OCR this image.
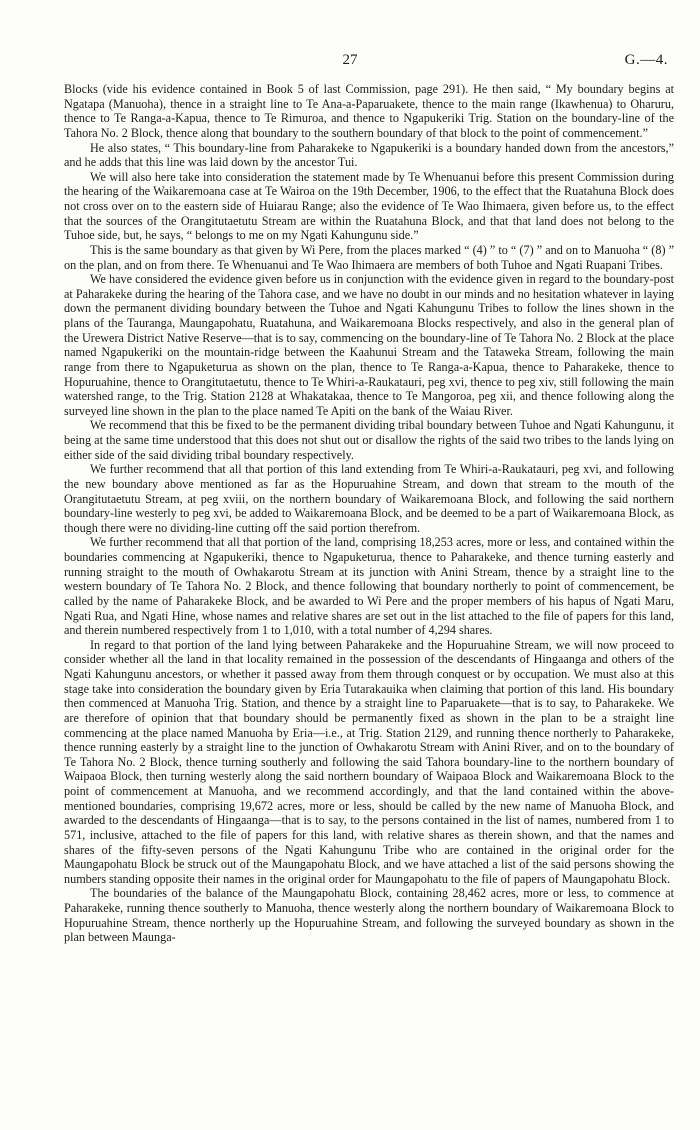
27	G.—4.

Blocks (vide his evidence contained in Book 5 of last Commission, page 291). He then said, “ My boundary begins at Ngatapa (Manuoha), thence in a straight line to Te Ana-a-Paparuakete, thence to the main range (Ikawhenua) to Oharuru, thence to Te Ranga-a-Kapua, thence to Te Rimuroa, and thence to Ngapukeriki Trig. Station on the boundary-line of the Tahora No. 2 Block, thence along that boundary to the southern boundary of that block to the point of commencement.”

He also states, “ This boundary-line from Paharakeke to Ngapukeriki is a boundary handed down from the ancestors,” and he adds that this line was laid down by the ancestor Tui.

We will also here take into consideration the statement made by Te Whenuanui before this present Commission during the hearing of the Waikaremoana case at Te Wairoa on the 19th December, 1906, to the effect that the Ruatahuna Block does not cross over on to the eastern side of Huiarau Range; also the evidence of Te Wao Ihimaera, given before us, to the effect that the sources of the Orangitutaetutu Stream are within the Ruatahuna Block, and that that land does not belong to the Tuhoe side, but, he says, “ belongs to me on my Ngati Kahungunu side.”

This is the same boundary as that given by Wi Pere, from the places marked “ (4) ” to “ (7) ” and on to Manuoha “ (8) ” on the plan, and on from there. Te Whenuanui and Te Wao Ihimaera are members of both Tuhoe and Ngati Ruapani Tribes.

We have considered the evidence given before us in conjunction with the evidence given in regard to the boundary-post at Paharakeke during the hearing of the Tahora case, and we have no doubt in our minds and no hesitation whatever in laying down the permanent dividing boundary between the Tuhoe and Ngati Kahungunu Tribes to follow the lines shown in the plans of the Tauranga, Maungapohatu, Ruatahuna, and Waikaremoana Blocks respectively, and also in the general plan of the Urewera District Native Reserve—that is to say, commencing on the boundary-line of Te Tahora No. 2 Block at the place named Ngapukeriki on the mountain-ridge between the Kaahunui Stream and the Tataweka Stream, following the main range from there to Ngapuketurua as shown on the plan, thence to Te Ranga-a-Kapua, thence to Paharakeke, thence to Hopuruahine, thence to Orangitutaetutu, thence to Te Whiri-a-Raukatauri, peg xvi, thence to peg xiv, still following the main watershed range, to the Trig. Station 2128 at Whakatakaa, thence to Te Mangoroa, peg xii, and thence following along the surveyed line shown in the plan to the place named Te Apiti on the bank of the Waiau River.

We recommend that this be fixed to be the permanent dividing tribal boundary between Tuhoe and Ngati Kahungunu, it being at the same time understood that this does not shut out or disallow the rights of the said two tribes to the lands lying on either side of the said dividing tribal boundary respectively.

We further recommend that all that portion of this land extending from Te Whiri-a-Raukatauri, peg xvi, and following the new boundary above mentioned as far as the Hopuruahine Stream, and down that stream to the mouth of the Orangitutaetutu Stream, at peg xviii, on the northern boundary of Waikaremoana Block, and following the said northern boundary-line westerly to peg xvi, be added to Waikaremoana Block, and be deemed to be a part of Waikaremoana Block, as though there were no dividing-line cutting off the said portion therefrom.

We further recommend that all that portion of the land, comprising 18,253 acres, more or less, and contained within the boundaries commencing at Ngapukeriki, thence to Ngapuketurua, thence to Paharakeke, and thence turning easterly and running straight to the mouth of Owhakarotu Stream at its junction with Anini Stream, thence by a straight line to the western boundary of Te Tahora No. 2 Block, and thence following that boundary northerly to point of commencement, be called by the name of Paharakeke Block, and be awarded to Wi Pere and the proper members of his hapus of Ngati Maru, Ngati Rua, and Ngati Hine, whose names and relative shares are set out in the list attached to the file of papers for this land, and therein numbered respectively from 1 to 1,010, with a total number of 4,294 shares.

In regard to that portion of the land lying between Paharakeke and the Hopuruahine Stream, we will now proceed to consider whether all the land in that locality remained in the possession of the descendants of Hingaanga and others of the Ngati Kahungunu ancestors, or whether it passed away from them through conquest or by occupation. We must also at this stage take into consideration the boundary given by Eria Tutarakauika when claiming that portion of this land. His boundary then commenced at Manuoha Trig. Station, and thence by a straight line to Paparuakete—that is to say, to Paharakeke. We are therefore of opinion that that boundary should be permanently fixed as shown in the plan to be a straight line commencing at the place named Manuoha by Eria—i.e., at Trig. Station 2129, and running thence northerly to Paharakeke, thence running easterly by a straight line to the junction of Owhakarotu Stream with Anini River, and on to the boundary of Te Tahora No. 2 Block, thence turning southerly and following the said Tahora boundary-line to the northern boundary of Waipaoa Block, then turning westerly along the said northern boundary of Waipaoa Block and Waikaremoana Block to the point of commencement at Manuoha, and we recommend accordingly, and that the land contained within the above-mentioned boundaries, comprising 19,672 acres, more or less, should be called by the new name of Manuoha Block, and awarded to the descendants of Hingaanga—that is to say, to the persons contained in the list of names, numbered from 1 to 571, inclusive, attached to the file of papers for this land, with relative shares as therein shown, and that the names and shares of the fifty-seven persons of the Ngati Kahungunu Tribe who are contained in the original order for the Maungapohatu Block be struck out of the Maungapohatu Block, and we have attached a list of the said persons showing the numbers standing opposite their names in the original order for Maungapohatu to the file of papers of Maungapohatu Block.

The boundaries of the balance of the Maungapohatu Block, containing 28,462 acres, more or less, to commence at Paharakeke, running thence southerly to Manuoha, thence westerly along the northern boundary of Waikaremoana Block to Hopuruahine Stream, thence northerly up the Hopuruahine Stream, and following the surveyed boundary as shown in the plan between Maunga-
